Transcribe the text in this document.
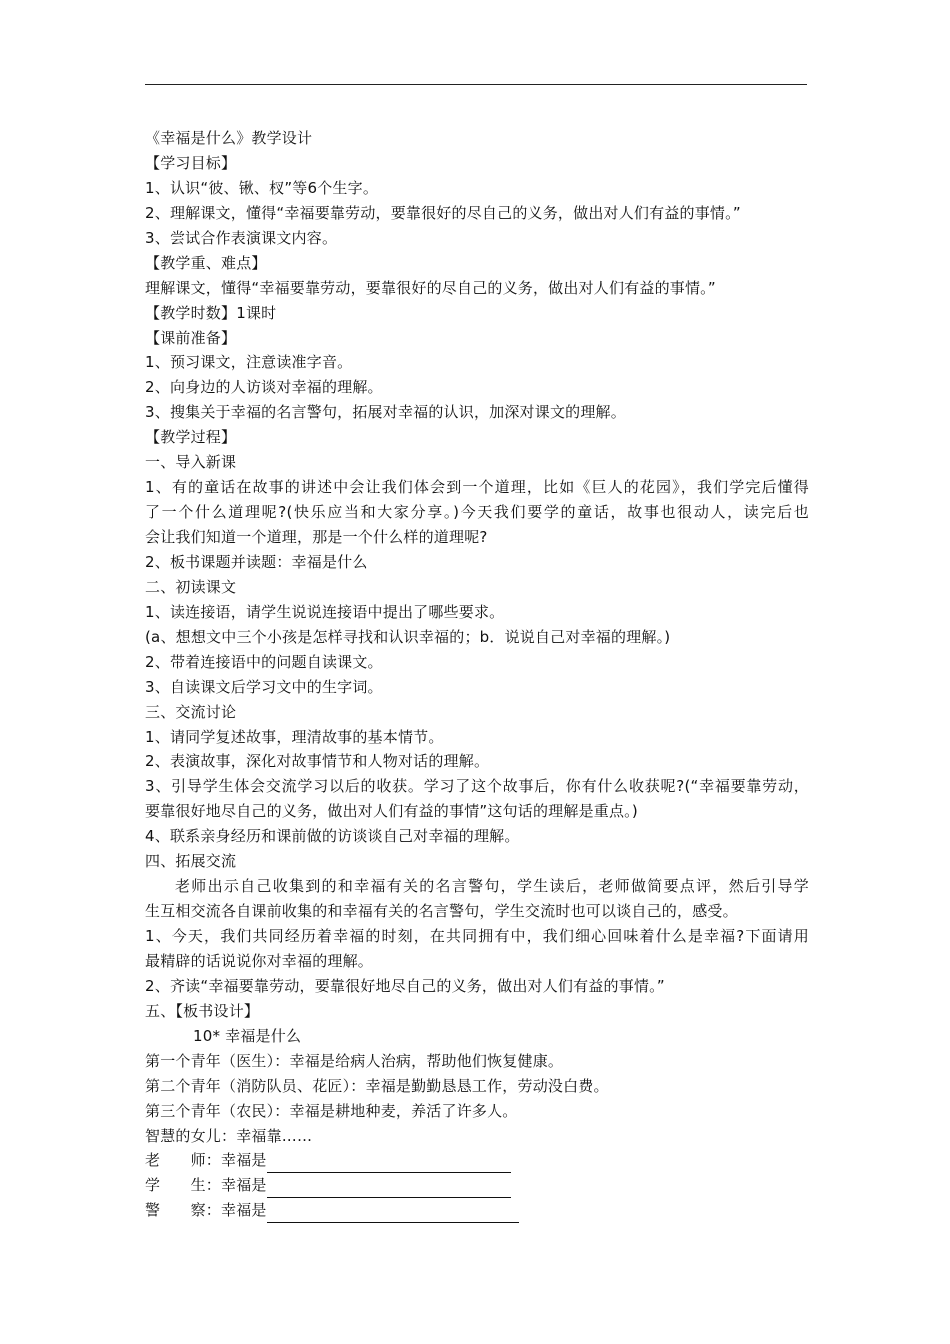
《幸福是什么》教学设计
【学习目标】
1、认识“彼、锹、杈”等6个生字。
2、理解课文，懂得“幸福要靠劳动，要靠很好的尽自己的义务，做出对人们有益的事情。”
3、尝试合作表演课文内容。
【教学重、难点】
理解课文，懂得“幸福要靠劳动，要靠很好的尽自己的义务，做出对人们有益的事情。”
【教学时数】1课时
【课前准备】
1、预习课文，注意读准字音。
2、向身边的人访谈对幸福的理解。
3、搜集关于幸福的名言警句，拓展对幸福的认识，加深对课文的理解。
【教学过程】
一、导入新课
1、有的童话在故事的讲述中会让我们体会到一个道理，比如《巨人的花园》，我们学完后懂得
了一个什么道理呢?(快乐应当和大家分享。)今天我们要学的童话，故事也很动人，读完后也
会让我们知道一个道理，那是一个什么样的道理呢?
2、板书课题并读题：幸福是什么
二、初读课文
1、读连接语，请学生说说连接语中提出了哪些要求。
(a、想想文中三个小孩是怎样寻找和认识幸福的；b．说说自己对幸福的理解。)
2、带着连接语中的问题自读课文。
3、自读课文后学习文中的生字词。
三、交流讨论
1、请同学复述故事，理清故事的基本情节。
2、表演故事，深化对故事情节和人物对话的理解。
3、引导学生体会交流学习以后的收获。学习了这个故事后，你有什么收获呢?(“幸福要靠劳动，
要靠很好地尽自己的义务，做出对人们有益的事情”这句话的理解是重点。)
4、联系亲身经历和课前做的访谈谈自己对幸福的理解。
四、拓展交流
老师出示自己收集到的和幸福有关的名言警句，学生读后，老师做简要点评，然后引导学
生互相交流各自课前收集的和幸福有关的名言警句，学生交流时也可以谈自己的，感受。
1、今天，我们共同经历着幸福的时刻，在共同拥有中，我们细心回味着什么是幸福?下面请用
最精辟的话说说你对幸福的理解。
2、齐读“幸福要靠劳动，要靠很好地尽自己的义务，做出对人们有益的事情。”
五、【板书设计】
10* 幸福是什么
第一个青年（医生）：幸福是给病人治病，帮助他们恢复健康。
第二个青年（消防队员、花匠）：幸福是勤勤恳恳工作，劳动没白费。
第三个青年（农民）：幸福是耕地种麦，养活了许多人。
智慧的女儿：幸福靠……
老　　师：幸福是
学　　生：幸福是
警　　察：幸福是
